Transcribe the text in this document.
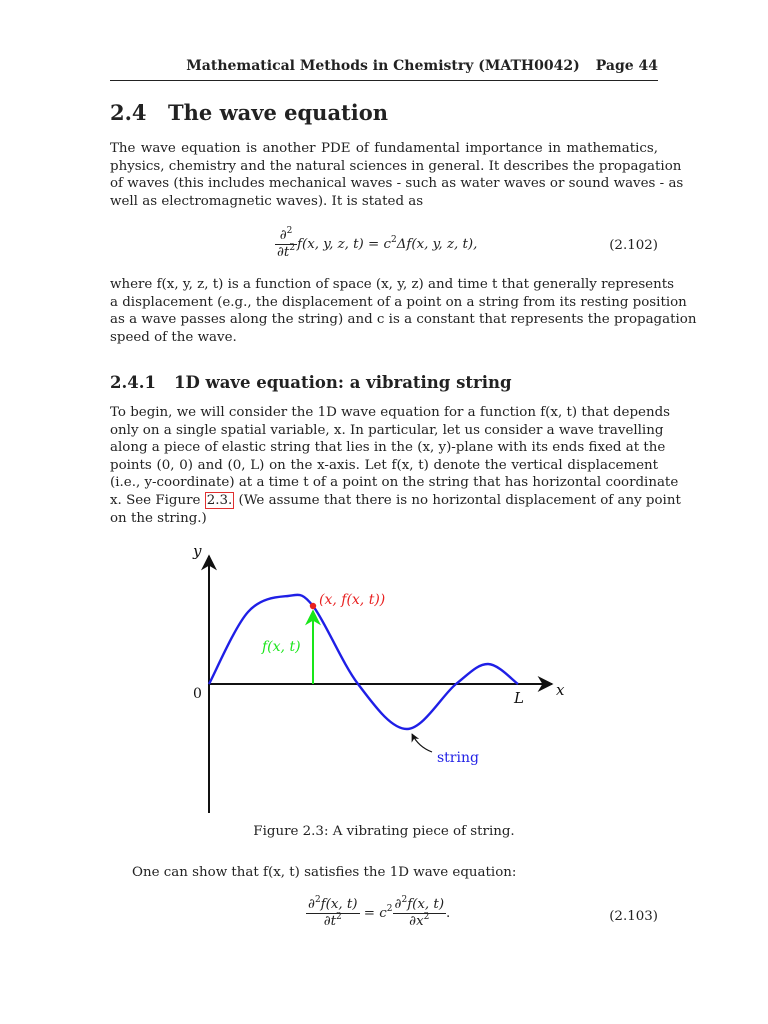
Mathematical Methods in Chemistry (MATH0042) Page 44
2.4 The wave equation

The wave equation is another PDE of fundamental importance in mathematics,
physics, chemistry and the natural sciences in general. It describes the propagation
of waves (this includes mechanical waves - such as water waves or sound waves - as
well as electromagnetic waves). It is stated as

$\frac{\partial^2}{\partial t^2} f(x$, y, z, $t) = c^2\Delta f(x$, y, z, t),	(2.102)

where f(x, y, z, t) is a function of space (x, y, z) and time t that generally represents
a displacement (e.g., the displacement of a point on a string from its resting position
as a wave passes along the string) and c is a constant that represents the propagation
speed of the wave.

2.4.1 1D wave equation: a vibrating string

To begin, we will consider the 1D wave equation for a function f(x, t) that depends
only on a single spatial variable, x. In particular, let us consider a wave travelling
along a piece of elastic string that lies in the (x, y)-plane with its ends fixed at the
points (0, 0) and (0, L) on the x-axis. Let f(x, t) denote the vertical displacement
(i.e., y-coordinate) at a time t of a point on the string that has horizontal coordinate
x. See Figure 2.3. (We assume that there is no horizontal displacement of any point
on the string.)

y
x
0	L
(x, f(x, t))
f(x, t)
string
Figure 2.3: A vibrating piece of string.

One can show that f(x, t) satisfies the 1D wave equation:

$\frac{\partial^2f(x, t)}{\partial t^2} = c^2 \frac{\partial^2f(x, t)}{\partial x^2}$ .	(2.103)
